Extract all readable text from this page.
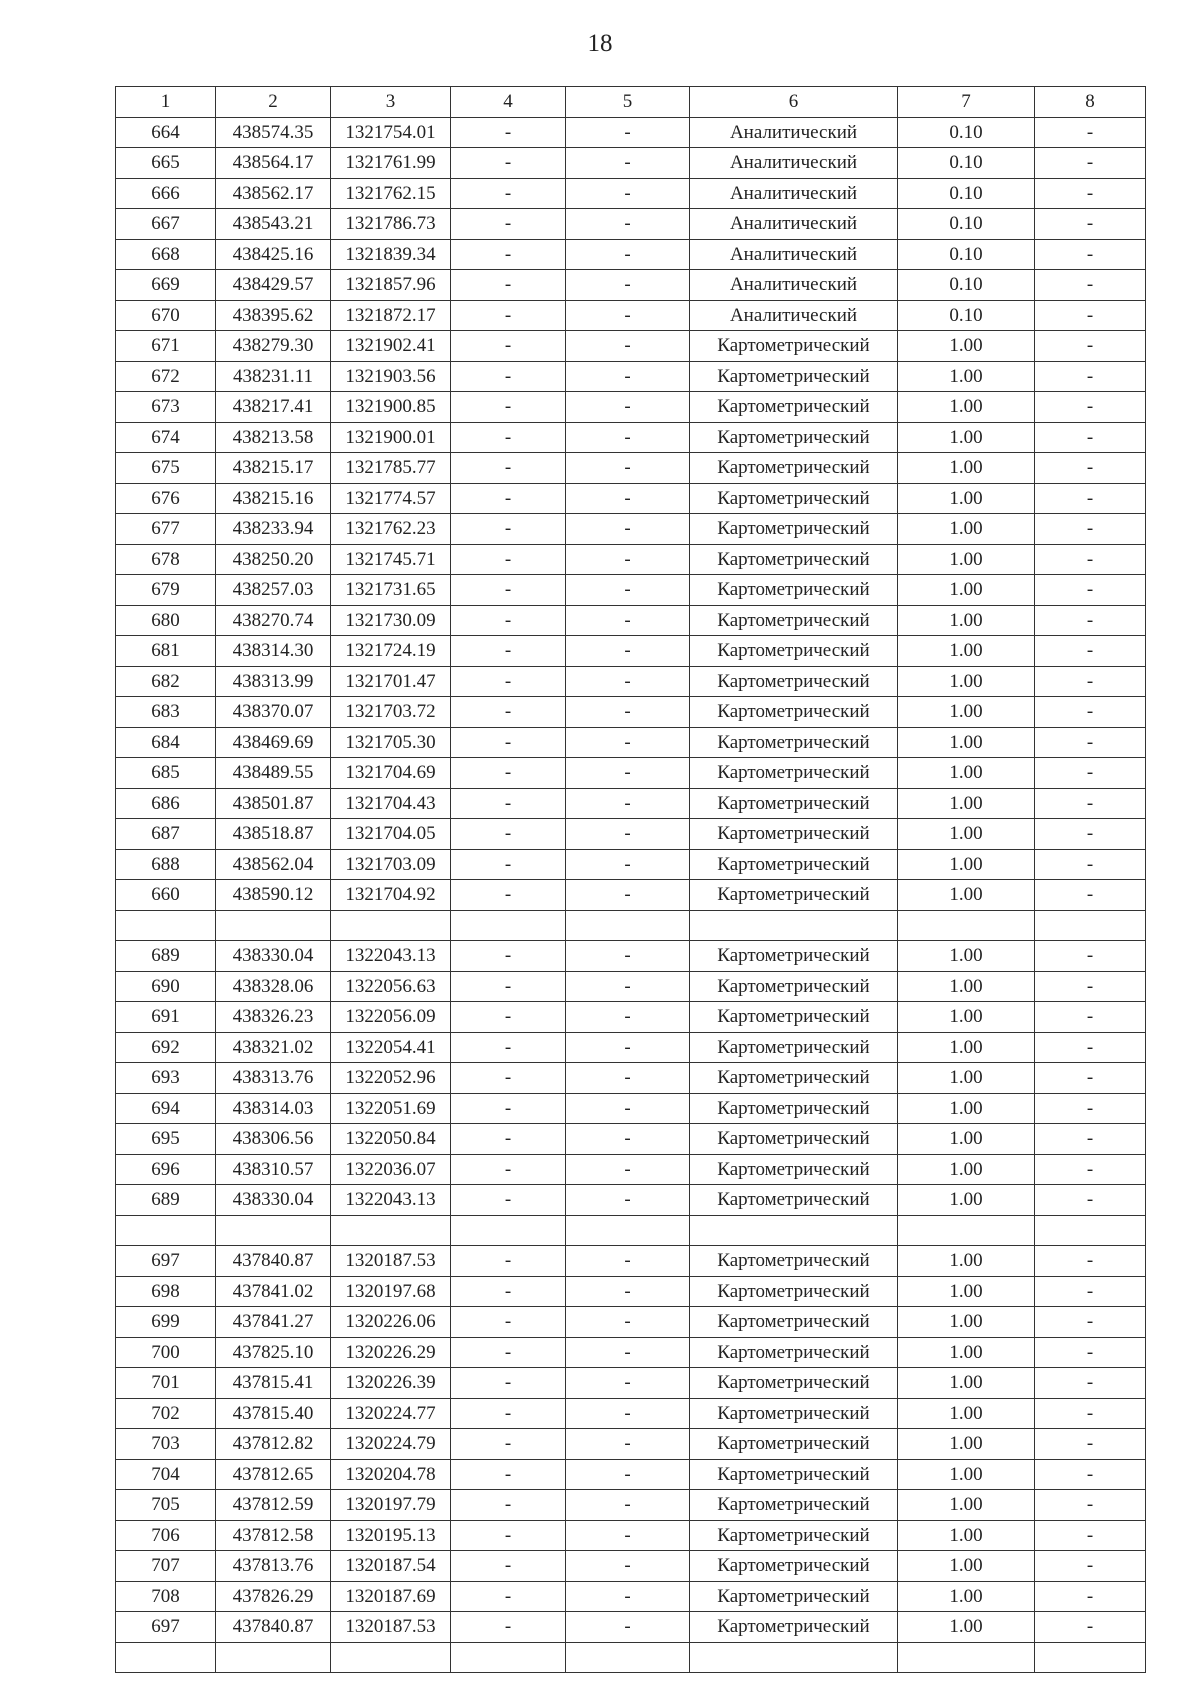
18
1	2	3	4	5	6	7	8
664	438574.35	1321754.01	-	-	Аналитический	0.10	-
665	438564.17	1321761.99	-	-	Аналитический	0.10	-
666	438562.17	1321762.15	-	-	Аналитический	0.10	-
667	438543.21	1321786.73	-	-	Аналитический	0.10	-
668	438425.16	1321839.34	-	-	Аналитический	0.10	-
669	438429.57	1321857.96	-	-	Аналитический	0.10	-
670	438395.62	1321872.17	-	-	Аналитический	0.10	-
671	438279.30	1321902.41	-	-	Картометрический	1.00	-
672	438231.11	1321903.56	-	-	Картометрический	1.00	-
673	438217.41	1321900.85	-	-	Картометрический	1.00	-
674	438213.58	1321900.01	-	-	Картометрический	1.00	-
675	438215.17	1321785.77	-	-	Картометрический	1.00	-
676	438215.16	1321774.57	-	-	Картометрический	1.00	-
677	438233.94	1321762.23	-	-	Картометрический	1.00	-
678	438250.20	1321745.71	-	-	Картометрический	1.00	-
679	438257.03	1321731.65	-	-	Картометрический	1.00	-
680	438270.74	1321730.09	-	-	Картометрический	1.00	-
681	438314.30	1321724.19	-	-	Картометрический	1.00	-
682	438313.99	1321701.47	-	-	Картометрический	1.00	-
683	438370.07	1321703.72	-	-	Картометрический	1.00	-
684	438469.69	1321705.30	-	-	Картометрический	1.00	-
685	438489.55	1321704.69	-	-	Картометрический	1.00	-
686	438501.87	1321704.43	-	-	Картометрический	1.00	-
687	438518.87	1321704.05	-	-	Картометрический	1.00	-
688	438562.04	1321703.09	-	-	Картометрический	1.00	-
660	438590.12	1321704.92	-	-	Картометрический	1.00	-

689	438330.04	1322043.13	-	-	Картометрический	1.00	-
690	438328.06	1322056.63	-	-	Картометрический	1.00	-
691	438326.23	1322056.09	-	-	Картометрический	1.00	-
692	438321.02	1322054.41	-	-	Картометрический	1.00	-
693	438313.76	1322052.96	-	-	Картометрический	1.00	-
694	438314.03	1322051.69	-	-	Картометрический	1.00	-
695	438306.56	1322050.84	-	-	Картометрический	1.00	-
696	438310.57	1322036.07	-	-	Картометрический	1.00	-
689	438330.04	1322043.13	-	-	Картометрический	1.00	-

697	437840.87	1320187.53	-	-	Картометрический	1.00	-
698	437841.02	1320197.68	-	-	Картометрический	1.00	-
699	437841.27	1320226.06	-	-	Картометрический	1.00	-
700	437825.10	1320226.29	-	-	Картометрический	1.00	-
701	437815.41	1320226.39	-	-	Картометрический	1.00	-
702	437815.40	1320224.77	-	-	Картометрический	1.00	-
703	437812.82	1320224.79	-	-	Картометрический	1.00	-
704	437812.65	1320204.78	-	-	Картометрический	1.00	-
705	437812.59	1320197.79	-	-	Картометрический	1.00	-
706	437812.58	1320195.13	-	-	Картометрический	1.00	-
707	437813.76	1320187.54	-	-	Картометрический	1.00	-
708	437826.29	1320187.69	-	-	Картометрический	1.00	-
697	437840.87	1320187.53	-	-	Картометрический	1.00	-
